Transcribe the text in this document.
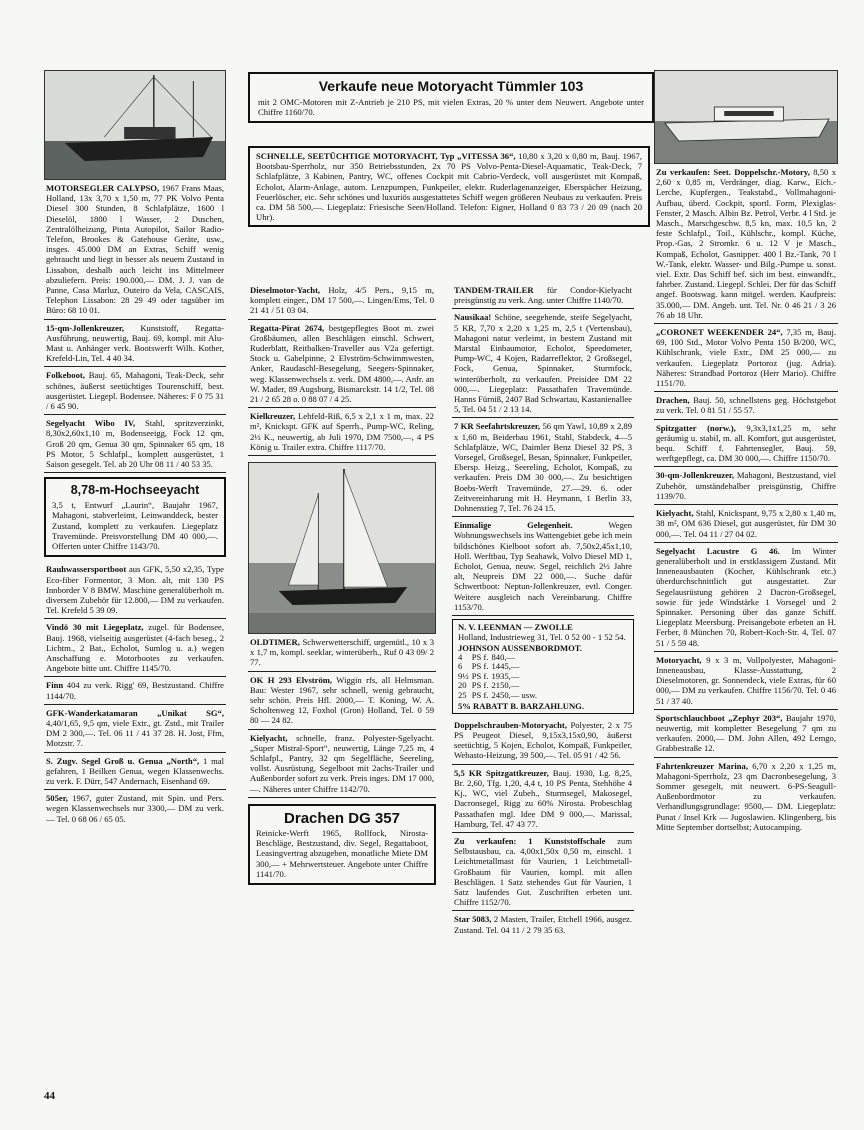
MOTORSEGLER CALYPSO, 1967 Frans Maas, Holland, 13x 3,70 x 1,50 m, 77 PK Volvo Penta Diesel 300 Stunden, 8 Schlafplätze, 1600 l Dieselöl, 1800 l Wasser, 2 Duschen, Zentralölheizung, Pinta Autopilot, Sailor Radio-Telefon, Brookes & Gatehouse Geräte, usw., insges. 45.000 DM an Extras, Schiff wenig gebraucht und liegt in besser als neuem Zustand in Lissabon, deshalb auch leicht ins Mittelmeer abzuliefern. Preis: 190.000,— DM. J. J. van de Panne, Casa Marluz, Outeiro da Vela, CASCAIS, Telephon Lissabon: 28 29 49 oder tagsüber im Büro: 68 10 01.

15-qm-Jollenkreuzer, Kunststoff, Regatta-Ausführung, neuwertig, Bauj. 69, kompl. mit Alu-Mast u. Anhänger verk. Bootswerft Wilh. Kother, Krefeld-Lin, Tel. 4 40 34.

Folkeboot, Bauj. 65, Mahagoni, Teak-Deck, sehr schönes, äußerst seetüchtiges Tourenschiff, best. ausgerüstet. Liegepl. Bodensee. Näheres: F 0 75 31 / 6 45 90.

Segelyacht Wibo IV, Stahl, spritzverzinkt, 8,30x2,60x1,10 m, Bodenseeigg, Fock 12 qm, Groß 20 qm, Genua 30 qm, Spinnaker 65 qm, 18 PS Motor, 5 Schlafpl., komplett ausgerüstet, 1 Saison gesegelt. Tel. ab 20 Uhr 08 11 / 40 53 35.

8,78-m-Hochseeyacht

3,5 t, Entwurf „Laurin“, Baujahr 1967, Mahagoni, stabverleimt, Leinwanddeck, bester Zustand, komplett zu verkaufen. Liegeplatz Travemünde. Preisvorstellung DM 40 000,—. Offerten unter Chiffre 1143/70.

Rauhwassersportboot aus GFK, 5,50 x2,35, Type Eco-fiber Formentor, 3 Mon. alt, mit 130 PS Innborder V 8 BMW. Maschine generalüberholt m. diversem Zubehör für 12.800,— DM zu verkaufen. Tel. Krefeld 5 39 09.

Vindö 30 mit Liegeplatz, zugel. für Bodensee, Bauj. 1968, vielseitig ausgerüstet (4-fach beseg., 2 Lichtm., 2 Bat., Echolot, Sumlog u. a.) wegen Anschaffung e. Motorbootes zu verkaufen. Angebote bitte unt. Chiffre 1145/70.

Finn 404 zu verk. Rigg' 69, Bestzustand. Chiffre 1144/70.

GFK-Wanderkatamaran „Unikat SG“, 4,40/1,65, 9,5 qm, viele Extr., gt. Zstd., mit Trailer DM 2 300,—. Tel. 06 11 / 41 37 28. H. Jost, Ffm, Motzstr. 7.

S. Zugv. Segel Groß u. Genua „North“, 1 mal gefahren, 1 Beilken Genua, wegen Klassenwechs. zu verk. F. Dürr, 547 Andernach, Eisenhand 69.

505er, 1967, guter Zustand, mit Spin. und Pers. wegen Klassenwechsels nur 3300,— DM zu verk. — Tel. 0 68 06 / 65 05.

Verkaufe neue Motoryacht Tümmler 103

mit 2 OMC-Motoren mit Z-Antrieb je 210 PS, mit vielen Extras, 20 % unter dem Neuwert. Angebote unter Chiffre 1160/70.

SCHNELLE, SEETÜCHTIGE MOTORYACHT, Typ „VITESSA 36“, 10,80 x 3,20 x 0,80 m, Bauj. 1967, Bootsbau-Sperrholz, nur 350 Betriebsstunden, 2x 70 PS Volvo-Penta-Diesel-Aquamatic, Teak-Deck, 7 Schlafplätze, 3 Kabinen, Pantry, WC, offenes Cockpit mit Cabrio-Verdeck, voll ausgerüstet mit Kompaß, Echolot, Alarm-Anlage, autom. Lenzpumpen, Funkpeiler, elektr. Ruderlagenanzeiger, Eberspächer Heizung, Feuerlöscher, etc. Sehr schönes und luxuriös ausgestattetes Schiff wegen größeren Neubaus zu verkaufen. Preis ca. DM 58 500,—. Liegeplatz: Friesische Seen/Holland. Telefon: Eigner, Holland 0 83 73 / 20 09 (nach 20 Uhr).

Dieselmotor-Yacht, Holz, 4/5 Pers., 9,15 m, komplett einger., DM 17 500,—. Lingen/Ems, Tel. 0 21 41 / 51 03 04.

Regatta-Pirat 2674, bestgepflegtes Boot m. zwei Großbäumen, allen Beschlägen einschl. Schwert, Ruderblatt, Reitbalken-Traveller aus V2a gefertigt. Stock u. Gabelpinne, 2 Elvström-Schwimmwesten, Anker, Raudaschl-Besegelung, Seegers-Spinnaker, weg. Klassenwechsels z. verk. DM 4800,—. Anfr. an W. Mader, 89 Augsburg, Bismarckstr. 14 1/2, Tel. 08 21 / 2 65 28 o. 0 88 07 / 4 25.

Kielkreuzer, Lehfeld-Riß, 6,5 x 2,1 x 1 m, max. 22 m², Knickspt. GFK auf Sperrh., Pump-WC, Reling, 2½ K., neuwertig, ab Juli 1970, DM 7500,—, 4 PS König u. Trailer extra. Chiffre 1117/70.

OLDTIMER, Schwerwetterschiff, urgemütl., 10 x 3 x 1,7 m, kompl. seeklar, winterüberh., Ruf 0 43 09/ 2 77.

OK H 293 Elvström, Wiggin rfs, all Helmsman. Bau: Wester 1967, sehr schnell, wenig gebraucht, sehr schön. Preis Hfl. 2000,— T. Koning, W. A. Scholtenweg 12, Foxhol (Gron) Holland, Tel. 0 59 80 — 24 82.

Kielyacht, schnelle, franz. Polyester-Sgelyacht. „Super Mistral-Sport“, neuwertig, Länge 7,25 m, 4 Schlafpl., Pantry, 32 qm Segelfläche, Seereling, vollst. Ausrüstung, Segelboot mit 2achs-Trailer und Außenborder sofort zu verk. Preis inges. DM 17 000,—. Näheres unter Chiffre 1142/70.

Drachen DG 357

Reinicke-Werft 1965, Rollfock, Nirosta-Beschläge, Bestzustand, div. Segel, Regattaboot, Leasingvertrag abzugeben, monatliche Miete DM 300,— + Mehrwertsteuer. Angebote unter Chiffre 1141/70.

TANDEM-TRAILER für Condor-Kielyacht preisgünstig zu verk. Ang. unter Chiffre 1140/70.

Nausikaa! Schöne, seegehende, steife Segelyacht, 5 KR, 7,70 x 2,20 x 1,25 m, 2,5 t (Vertensbau), Mahagoni natur verleimt, in bestem Zustand mit Marstal Einbaumotor, Echolot, Speedometer, Pump-WC, 4 Kojen, Radarreflektor, 2 Großsegel, Fock, Genua, Spinnaker, Sturmfock, winterüberholt, zu verkaufen. Preisidee DM 22 000,—. Liegeplatz: Passathafen Travemünde. Hanns Fürniß, 2407 Bad Schwartau, Kastanienallee 5, Tel. 04 51 / 2 13 14.

7 KR Seefahrtskreuzer, 56 qm Yawl, 10,89 x 2,89 x 1,60 m, Beiderbau 1961, Stahl, Stabdeck, 4—5 Schlafplätze, WC, Daimler Benz Diesel 32 PS, 3 Vorsegel, Großsegel, Besan, Spinnaker, Funkpeiler, Ebersp. Heizg., Seereling, Echolot, Kompaß, zu verkaufen. Preis DM 30 000,—. Zu besichtigen Boebs-Werft Travemünde, 27.—29. 6. oder Zeitvereinbarung mit H. Heymann, 1 Berlin 33, Dohnenstieg 7, Tel. 76 24 15.

Einmalige Gelegenheit.	Wegen Wohnungswechsels ins Wattengebiet gebe ich mein bildschönes Kielboot sofort ab. 7,50x2,45x1,10, Holl. Werftbau, Typ Seahawk, Volvo Diesel MD 1, Echolot, Genua, neuw. Segel, reichlich 2½ Jahre alt, Neupreis DM 22 000,—. Suche dafür Schwertboot: Neptun-Jollenkreuzer, evtl. Conger. Weitere ausgleich nach Vereinbarung. Chiffre 1153/70.

N. V. LEENMAN — ZWOLLE
Holland, Industrieweg 31, Tel. 0 52 00 - 1 52 54.
JOHNSON AUSSENBORDMOT.
4	PS f.	840,—
6	PS f.	1445,—
9½	PS f.	1935,—
20	PS f.	2150,—
25	PS f.	2450,— usw.
5% RABATT B. BARZAHLUNG.

Doppelschrauben-Motoryacht, Polyester, 2 x 75 PS Peugeot Diesel, 9,15x3,15x0,90, äußerst seetüchtig, 5 Kojen, Echolot, Kompaß, Funkpeiler, Webasto-Heizung, 39 500,—. Tel. 05 91 / 42 56.

5,5 KR Spitzgattkreuzer, Bauj. 1930, Lg. 8,25, Br. 2,60, Tfg. 1,20, 4,4 t, 10 PS Penta, Stehhöhe 4 Kj., WC, viel Zubeh., Sturmsegel, Makosegel, Dacronsegel, Rigg zu 60% Nirosta. Probeschlag Passathafen mgl. Idee DM 9 000,—. Marissal, Hamburg, Tel. 47 43 77.

Zu verkaufen: 1 Kunststoffschale zum Selbstausbau, ca. 4,00x1,50x 0,50 m, einschl. 1 Leichtmetallmast für Vaurien, 1 Leichtmetall-Großbaum für Vaurien, kompl. mit allen Beschlägen. 1 Satz stehendes Gut für Vaurien, 1 Satz laufendes Gut. Zuschriften erbeten unt. Chiffre 1152/70.

Star 5083, 2 Masten, Trailer, Etchell 1966, ausgez. Zustand. Tel. 04 11 / 2 79 35 63.

Zu verkaufen: Seet. Doppelschr.-Motory, 8,50 x 2,60 x 0,85 m, Verdränger, diag. Karw., Eich.-Lerche, Kupfergen., Teakstabd., Vollmahagoni-Aufbau, überd. Cockpit, sportl. Form, Plexiglas-Fenster, 2 Masch. Albin Bz. Petrol, Verbr. 4 l Std. je Masch., Marschgeschw. 8,5 kn, max. 10,5 kn, 2 feste Schlafpl., Toil., Kühlschr., kompl. Küche, Prop.-Gas, 2 Stromkr. 6 u. 12 V je Masch., Kompaß, Echolot, Gasnipper. 400 l Bz.-Tank, 70 l W.-Tank, elektr. Wasser- und Bilg.-Pumpe u. sonst. viel. Extr. Das Schiff bef. sich im best. einwandfr., fahrber. Zustand. Liegepl. Schlei. Der für das Schiff angef. Bootswag. kann mitgel. werden. Kaufpreis: 35.000,— DM. Angeb. unt. Tel. Nr. 0 46 21 / 3 26 76 ab 18 Uhr.

„CORONET WEEKENDER 24“, 7,35 m, Bauj. 69, 100 Std., Motor Volvo Penta 150 B/200, WC, Kühlschrank, viele Extr., DM 25 000,— zu verkaufen. Liegeplatz Portoroz (jug. Adria). Näheres: Strandbad Portoroz (Herr Mario). Chiffre 1151/70.

Drachen, Bauj. 50, schnellstens geg. Höchstgebot zu verk. Tel. 0 81 51 / 55 57.

Spitzgatter (norw.), 9,3x3,1x1,25 m, sehr geräumig u. stabil, m. all. Komfort, gut ausgerüstet, bequ. Schiff f. Fahrtensegler, Bauj. 59, werftgepflegt, ca. DM 30 000,—. Chiffre 1150/70.

30-qm-Jollenkreuzer, Mahagoni, Bestzustand, viel Zubehör, umständehalber preisgünstig, Chiffre 1139/70.

Kielyacht, Stahl, Knickspant, 9,75 x 2,80 x 1,40 m, 38 m², OM 636 Diesel, gut ausgerüstet, für DM 30 000,—. Tel. 04 11 / 27 04 02.

Segelyacht Lacustre G 46. Im Winter generalüberholt und in erstklassigem Zustand. Mit Inneneausbauten (Kocher, Kühlschrank etc.) überdurchschnittlich gut ausgestattet. Zur Segelausrüstung gehören 2 Dacron-Großsegel, sowie für jede Windstärke 1 Vorsegel und 2 Spinnaker. Personing über das ganze Schiff. Liegeplatz Meersburg. Preisangebote erbeten an H. Ferber, 8 München 70, Robert-Koch-Str. 4, Tel. 07 51 / 5 59 48.

Motoryacht, 9 x 3 m, Vollpolyester, Mahagoni-Inneneausbau, Klasse-Ausstattung, 2 Dieselmotoren, gr. Sonnendeck, viele Extras, für 60 000,— DM zu verkaufen. Chiffre 1156/70. Tel. 0 46 51 / 37 40.

Sportschlauchboot „Zephyr 203“, Baujahr 1970, neuwertig, mit kompletter Besegelung 7 qm zu verkaufen. 2000,— DM. John Allen, 492 Lemgo, Grabbestraße 12.

Fahrtenkreuzer Marina, 6,70 x 2,20 x 1,25 m, Mahagoni-Sperrholz, 23 qm Dacronbesegelung, 3 Sommer gesegelt, mit neuwert. 6-PS-Seagull-Außenbordmotor zu verkaufen. Verhandlungsgrundlage: 9500,— DM. Liegeplatz: Punat / Insel Krk — Jugoslawien. Klingenberg, bis Mitte September dortselbst; Autocamping.

44
